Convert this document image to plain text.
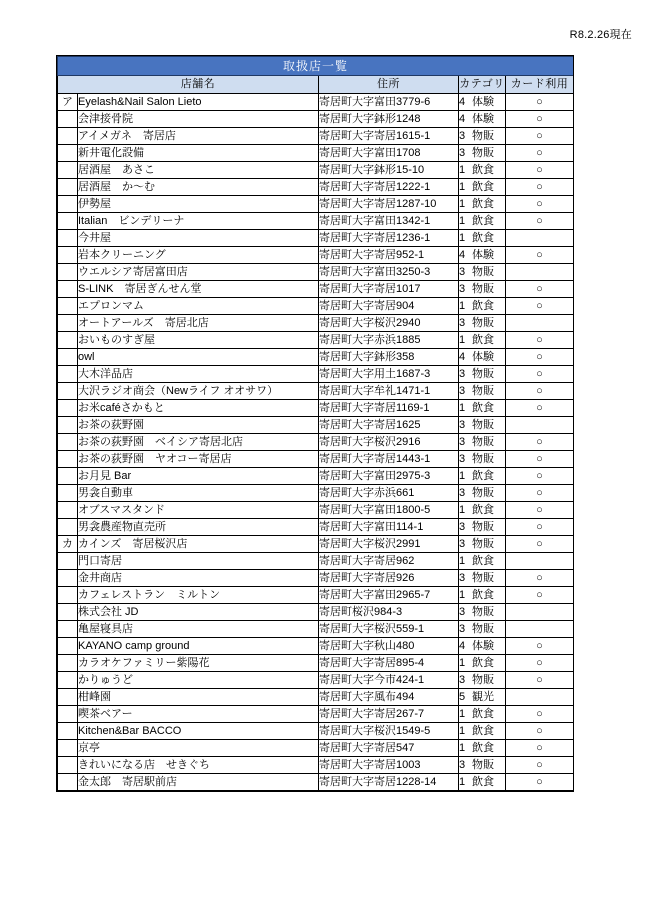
R8.2.26現在
取扱店一覧				
	店舗名	住所	カテゴリ	カード利用
ア	Eyelash&Nail Salon Lieto	寄居町大字富田3779-6	4 体験	○
	会津接骨院	寄居町大字鉢形1248	4 体験	○
	アイメガネ　寄居店	寄居町大字寄居1615-1	3 物販	○
	新井電化設備	寄居町大字富田1708	3 物販	○
	居酒屋　あさこ	寄居町大字鉢形15-10	1 飲食	○
	居酒屋　か～む	寄居町大字寄居1222-1	1 飲食	○
	伊勢屋	寄居町大字寄居1287-10	1 飲食	○
	Italian　ビンデリーナ	寄居町大字富田1342-1	1 飲食	○
	今井屋	寄居町大字寄居1236-1	1 飲食	
	岩本クリーニング	寄居町大字寄居952-1	4 体験	○
	ウエルシア寄居富田店	寄居町大字富田3250-3	3 物販	
	S-LINK　寄居ぎんせん堂	寄居町大字寄居1017	3 物販	○
	エプロンマム	寄居町大字寄居904	1 飲食	○
	オートアールズ　寄居北店	寄居町大字桜沢2940	3 物販	
	おいものすぎ屋	寄居町大字赤浜1885	1 飲食	○
	owl	寄居町大字鉢形358	4 体験	○
	大木洋品店	寄居町大字用土1687-3	3 物販	○
	大沢ラジオ商会（Newライフ オオサワ）	寄居町大字牟礼1471-1	3 物販	○
	お米caféさかもと	寄居町大字寄居1169-1	1 飲食	○
	お茶の荻野園	寄居町大字寄居1625	3 物販	
	お茶の荻野園　ベイシア寄居北店	寄居町大字桜沢2916	3 物販	○
	お茶の荻野園　ヤオコー寄居店	寄居町大字寄居1443-1	3 物販	○
	お月見 Bar	寄居町大字富田2975-3	1 飲食	○
	男衾自動車	寄居町大字赤浜661	3 物販	○
	オブスマスタンド	寄居町大字富田1800-5	1 飲食	○
	男衾農産物直売所	寄居町大字富田114-1	3 物販	○
カ	カインズ　寄居桜沢店	寄居町大字桜沢2991	3 物販	○
	門口寄居	寄居町大字寄居962	1 飲食	
	金井商店	寄居町大字寄居926	3 物販	○
	カフェレストラン　ミルトン	寄居町大字富田2965-7	1 飲食	○
	株式会社 JD	寄居町桜沢984-3	3 物販	
	亀屋寝具店	寄居町大字桜沢559-1	3 物販	
	KAYANO camp ground	寄居町大字秋山480	4 体験	○
	カラオケファミリー紫陽花	寄居町大字寄居895-4	1 飲食	○
	かりゅうど	寄居町大字今市424-1	3 物販	○
	柑峰園	寄居町大字風布494	5 観光	
	喫茶ベアー	寄居町大字寄居267-7	1 飲食	○
	Kitchen&Bar BACCO	寄居町大字桜沢1549-5	1 飲食	○
	京亭	寄居町大字寄居547	1 飲食	○
	きれいになる店　せきぐち	寄居町大字寄居1003	3 物販	○
	金太郎　寄居駅前店	寄居町大字寄居1228-14	1 飲食	○
